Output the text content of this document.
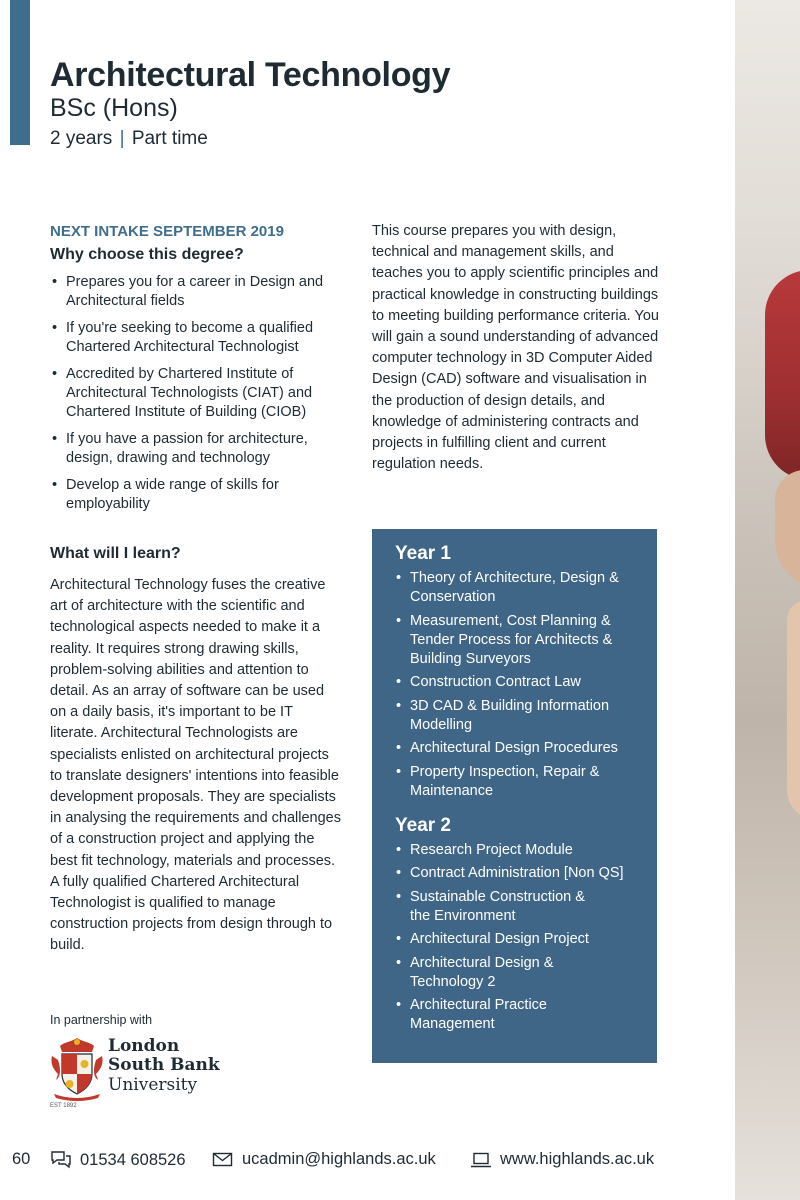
Architectural Technology
BSc (Hons)
2 years | Part time
NEXT INTAKE SEPTEMBER 2019
Why choose this degree?
• Prepares you for a career in Design and Architectural fields
• If you're seeking to become a qualified Chartered Architectural Technologist
• Accredited by Chartered Institute of Architectural Technologists (CIAT) and Chartered Institute of Building (CIOB)
• If you have a passion for architecture, design, drawing and technology
• Develop a wide range of skills for employability
What will I learn?

Architectural Technology fuses the creative art of architecture with the scientific and technological aspects needed to make it a reality. It requires strong drawing skills, problem-solving abilities and attention to detail. As an array of software can be used on a daily basis, it's important to be IT literate. Architectural Technologists are specialists enlisted on architectural projects to translate designers' intentions into feasible development proposals. They are specialists in analysing the requirements and challenges of a construction project and applying the best fit technology, materials and processes. A fully qualified Chartered Architectural Technologist is qualified to manage construction projects from design through to build.

This course prepares you with design, technical and management skills, and teaches you to apply scientific principles and practical knowledge in constructing buildings to meeting building performance criteria. You will gain a sound understanding of advanced computer technology in 3D Computer Aided Design (CAD) software and visualisation in the production of design details, and knowledge of administering contracts and projects in fulfilling client and current regulation needs.

In partnership with
London
South Bank
University
EST 1892
Year 1
• Theory of Architecture, Design & Conservation
• Measurement, Cost Planning & Tender Process for Architects & Building Surveyors
• Construction Contract Law
• 3D CAD & Building Information Modelling
• Architectural Design Procedures
• Property Inspection, Repair & Maintenance
Year 2
• Research Project Module
• Contract Administration [Non QS]
• Sustainable Construction & the Environment
• Architectural Design Project
• Architectural Design & Technology 2
• Architectural Practice Management
60	01534 608526	ucadmin@highlands.ac.uk	www.highlands.ac.uk
